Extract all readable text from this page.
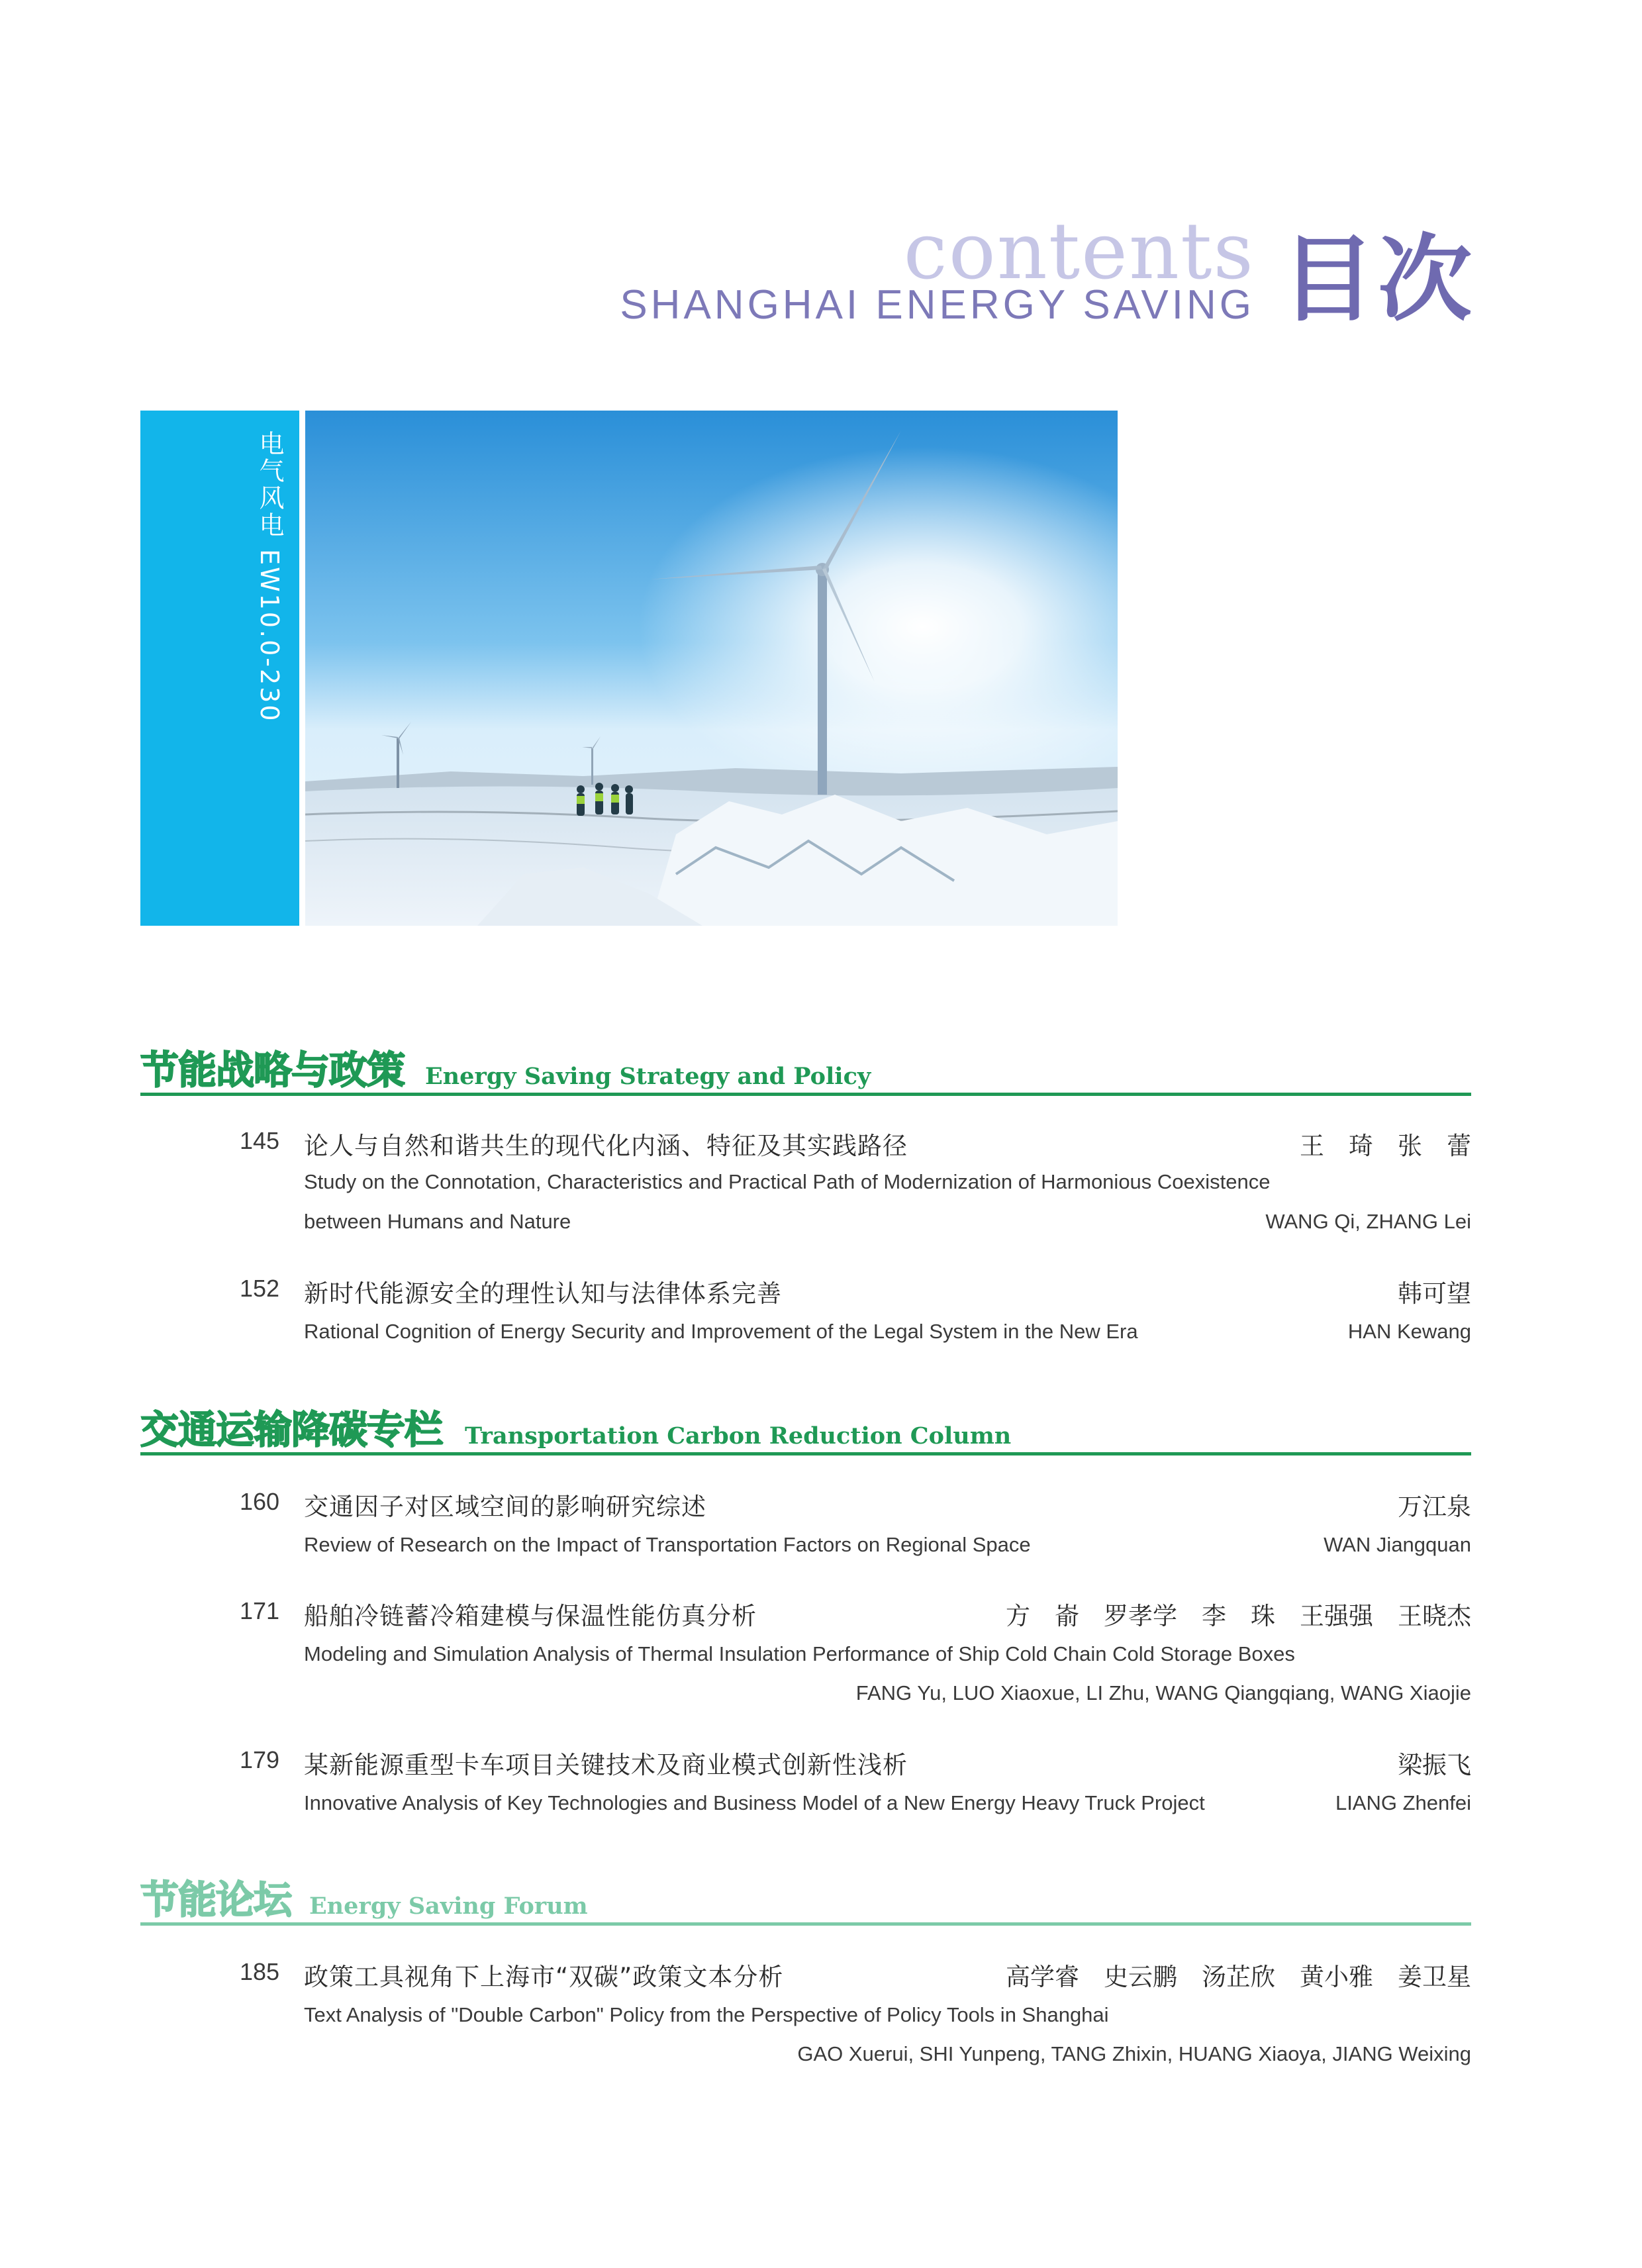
contents
SHANGHAI ENERGY SAVING 目次
电气风电 EW10.0-230
节能战略与政策 Energy Saving Strategy and Policy
145 论人与自然和谐共生的现代化内涵、特征及其实践路径	王　琦　张　蕾
Study on the Connotation, Characteristics and Practical Path of Modernization of Harmonious Coexistence
between Humans and Nature	WANG Qi, ZHANG Lei
152 新时代能源安全的理性认知与法律体系完善	韩可望
Rational Cognition of Energy Security and Improvement of the Legal System in the New Era	HAN Kewang
交通运输降碳专栏 Transportation Carbon Reduction Column
160 交通因子对区域空间的影响研究综述	万江泉
Review of Research on the Impact of Transportation Factors on Regional Space	WAN Jiangquan
171 船舶冷链蓄冷箱建模与保温性能仿真分析	方　嵛　罗孝学　李　珠　王强强　王晓杰
Modeling and Simulation Analysis of Thermal Insulation Performance of Ship Cold Chain Cold Storage Boxes
FANG Yu, LUO Xiaoxue, LI Zhu, WANG Qiangqiang, WANG Xiaojie
179 某新能源重型卡车项目关键技术及商业模式创新性浅析	梁振飞
Innovative Analysis of Key Technologies and Business Model of a New Energy Heavy Truck Project	LIANG Zhenfei
节能论坛 Energy Saving Forum
185 政策工具视角下上海市“双碳”政策文本分析	高学睿　史云鹏　汤芷欣　黄小雅　姜卫星
Text Analysis of "Double Carbon" Policy from the Perspective of Policy Tools in Shanghai
GAO Xuerui, SHI Yunpeng, TANG Zhixin, HUANG Xiaoya, JIANG Weixing
